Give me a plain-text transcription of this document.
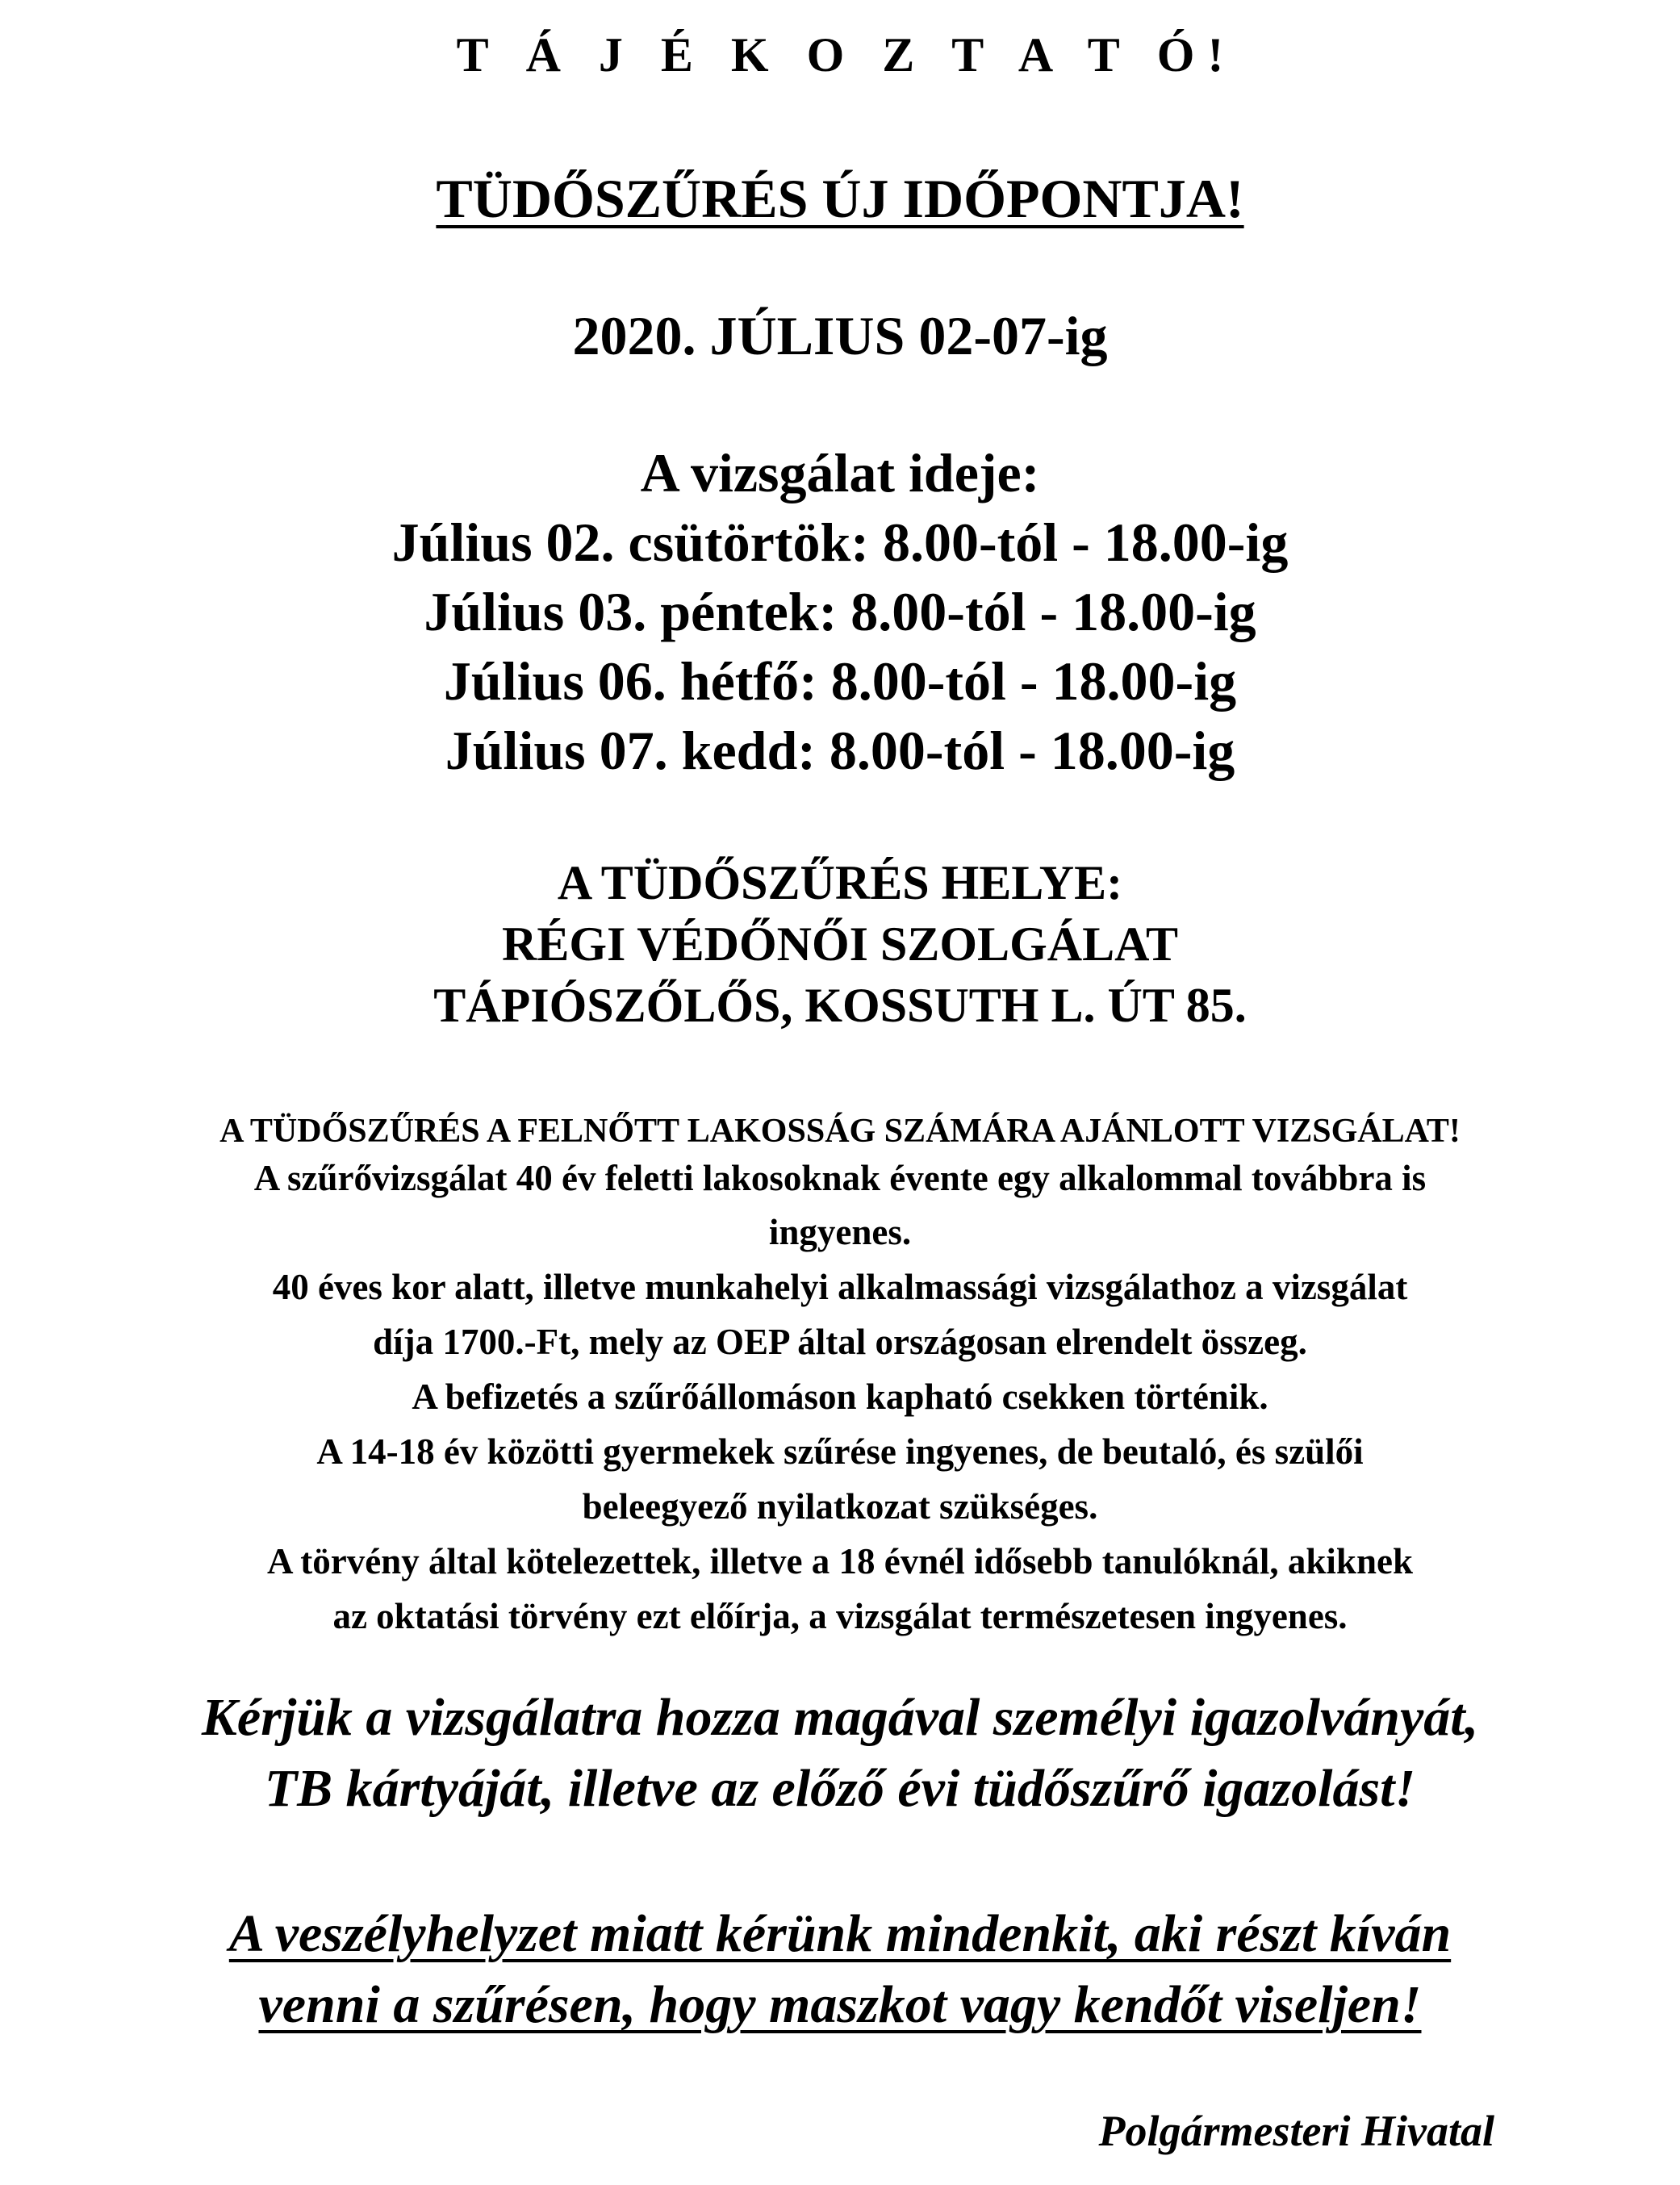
T Á J É K O Z T A T Ó!
TÜDŐSZŰRÉS ÚJ IDŐPONTJA!
2020. JÚLIUS 02-07-ig
A vizsgálat ideje:
Július 02. csütörtök: 8.00-tól - 18.00-ig
Július 03. péntek: 8.00-tól - 18.00-ig
Július 06. hétfő: 8.00-tól - 18.00-ig
Július 07. kedd: 8.00-tól - 18.00-ig
A TÜDŐSZŰRÉS HELYE:
RÉGI VÉDŐNŐI SZOLGÁLAT
TÁPIÓSZŐLŐS, KOSSUTH L. ÚT 85.
A TÜDŐSZŰRÉS A FELNŐTT LAKOSSÁG SZÁMÁRA AJÁNLOTT VIZSGÁLAT!
A szűrővizsgálat 40 év feletti lakosoknak évente egy alkalommal továbbra is
ingyenes.
40 éves kor alatt, illetve munkahelyi alkalmassági vizsgálathoz a vizsgálat
díja 1700.-Ft, mely az OEP által országosan elrendelt összeg.
A befizetés a szűrőállomáson kapható csekken történik.
A 14-18 év közötti gyermekek szűrése ingyenes, de beutaló, és szülői
beleegyező nyilatkozat szükséges.
A törvény által kötelezettek, illetve a 18 évnél idősebb tanulóknál, akiknek
az oktatási törvény ezt előírja, a vizsgálat természetesen ingyenes.
Kérjük a vizsgálatra hozza magával személyi igazolványát,
TB kártyáját, illetve az előző évi tüdőszűrő igazolást!
A veszélyhelyzet miatt kérünk mindenkit, aki részt kíván
venni a szűrésen, hogy maszkot vagy kendőt viseljen!
Polgármesteri Hivatal
